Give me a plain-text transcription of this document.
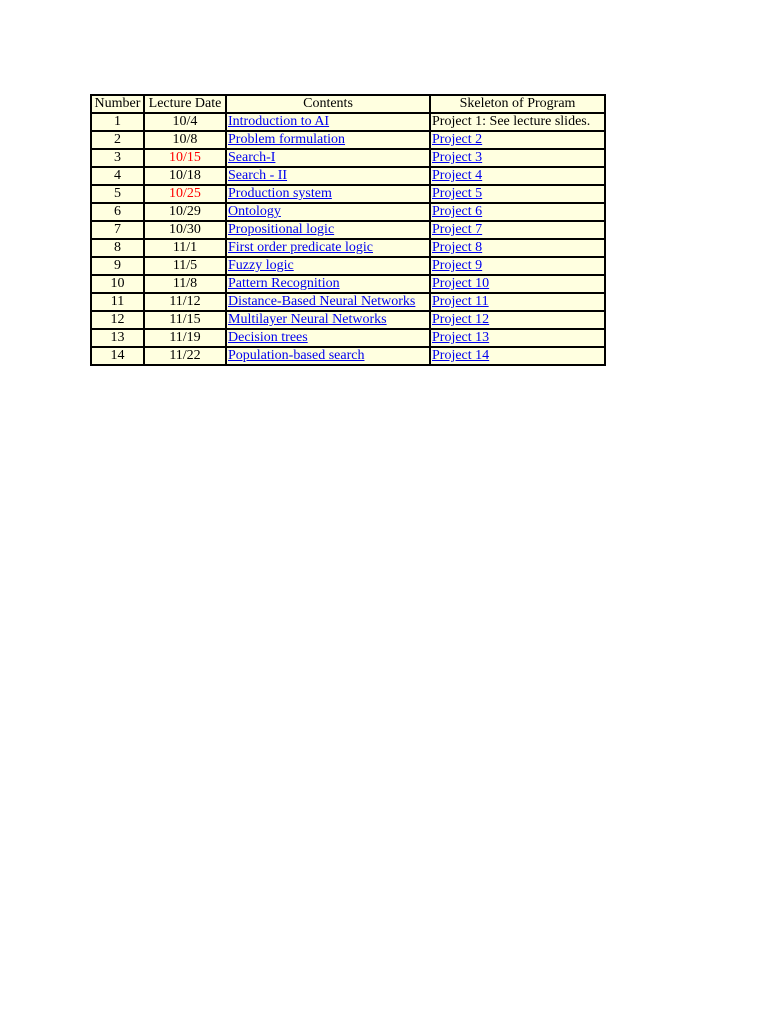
Number	Lecture Date	Contents	Skeleton of Program
1	10/4	Introduction to AI	Project 1: See lecture slides.
2	10/8	Problem formulation	Project 2
3	10/15	Search-I	Project 3
4	10/18	Search - II	Project 4
5	10/25	Production system	Project 5
6	10/29	Ontology	Project 6
7	10/30	Propositional logic	Project 7
8	11/1	First order predicate logic	Project 8
9	11/5	Fuzzy logic	Project 9
10	11/8	Pattern Recognition	Project 10
11	11/12	Distance-Based Neural Networks	Project 11
12	11/15	Multilayer Neural Networks	Project 12
13	11/19	Decision trees	Project 13
14	11/22	Population-based search	Project 14
